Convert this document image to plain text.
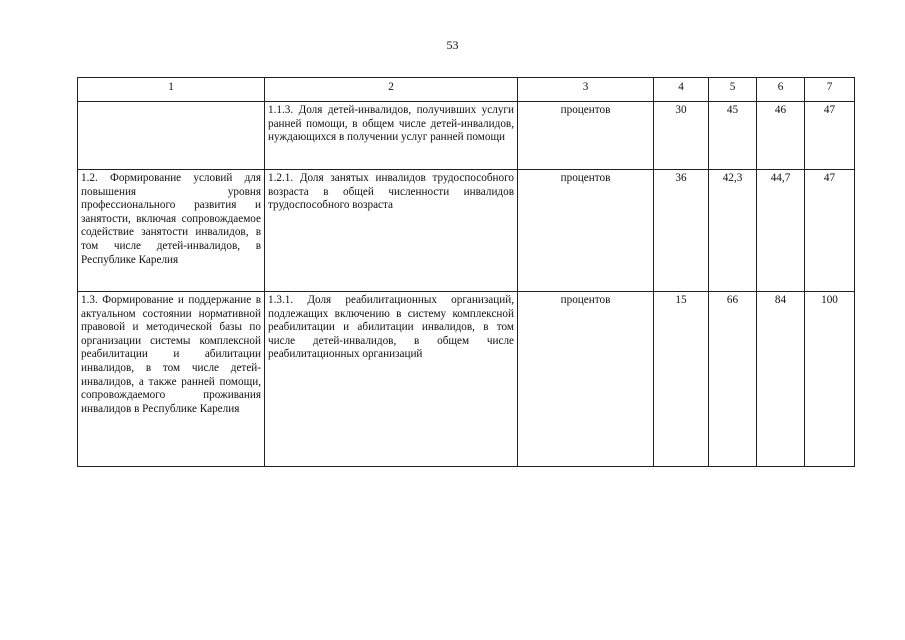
53
1	2	3	4	5	6	7
	1.1.3. Доля детей-инвалидов, получивших услуги ранней помощи, в общем числе детей-инвалидов, нуждающихся в получении услуг ранней помощи	процентов	30	45	46	47
1.2. Формирование условий для повышения уровня профессионального развития и занятости, включая сопровождаемое содействие занятости инвалидов, в том числе детей-инвалидов, в Республике Карелия	1.2.1. Доля занятых инвалидов трудоспособного возраста в общей численности инвалидов трудоспособного возраста	процентов	36	42,3	44,7	47
1.3. Формирование и поддержание в актуальном состоянии нормативной правовой и методической базы по организации системы комплексной реабилитации и абилитации инвалидов, в том числе детей-инвалидов, а также ранней помощи, сопровождаемого проживания инвалидов в Республике Карелия	1.3.1. Доля реабилитационных организаций, подлежащих включению в систему комплексной реабилитации и абилитации инвалидов, в том числе детей-инвалидов, в общем числе реабилитационных организаций	процентов	15	66	84	100
